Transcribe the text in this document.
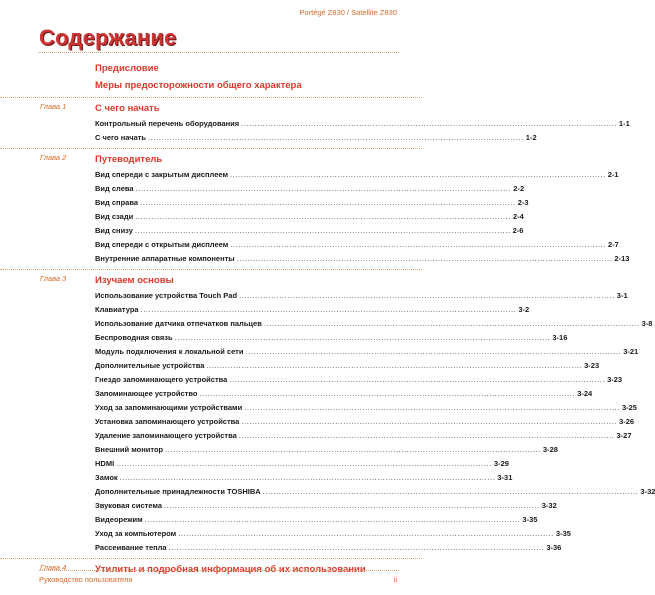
Portégé Z830 / Satellite Z830
Содержание
Предисловие
Меры предосторожности общего характера
Глава 1	С чего начать
Контрольный перечень оборудования ............................................................................................................................................ 1-1
С чего начать ............................................................................................................................................ 1-2
Глава 2	Путеводитель
Вид спереди с закрытым дисплеем ............................................................................................................................................ 2-1
Вид слева ............................................................................................................................................ 2-2
Вид справа ............................................................................................................................................ 2-3
Вид сзади ............................................................................................................................................ 2-4
Вид снизу ............................................................................................................................................ 2-6
Вид спереди с открытым дисплеем ............................................................................................................................................ 2-7
Внутренние аппаратные компоненты ............................................................................................................................................ 2-13
Глава 3	Изучаем основы
Использование устройства Touch Pad ............................................................................................................................................ 3-1
Клавиатура ............................................................................................................................................ 3-2
Использование датчика отпечатков пальцев ............................................................................................................................................ 3-8
Беспроводная связь ............................................................................................................................................ 3-16
Модуль подключения к локальной сети ............................................................................................................................................ 3-21
Дополнительные устройства ............................................................................................................................................ 3-23
Гнездо запоминающего устройства ............................................................................................................................................ 3-23
Запоминающее устройство ............................................................................................................................................ 3-24
Уход за запоминающими устройствами ............................................................................................................................................ 3-25
Установка запоминающего устройства ............................................................................................................................................ 3-26
Удаление запоминающего устройства ............................................................................................................................................ 3-27
Внешний монитор ............................................................................................................................................ 3-28
HDMI ............................................................................................................................................ 3-29
Замок ............................................................................................................................................ 3-31
Дополнительные принадлежности TOSHIBA ............................................................................................................................................ 3-32
Звуковая система ............................................................................................................................................ 3-32
Видеорежим ............................................................................................................................................ 3-35
Уход за компьютером ............................................................................................................................................ 3-35
Рассеивание тепла ............................................................................................................................................ 3-36
Глава 4	Утилиты и подробная информация об их использовании
Руководство пользователя	ii
